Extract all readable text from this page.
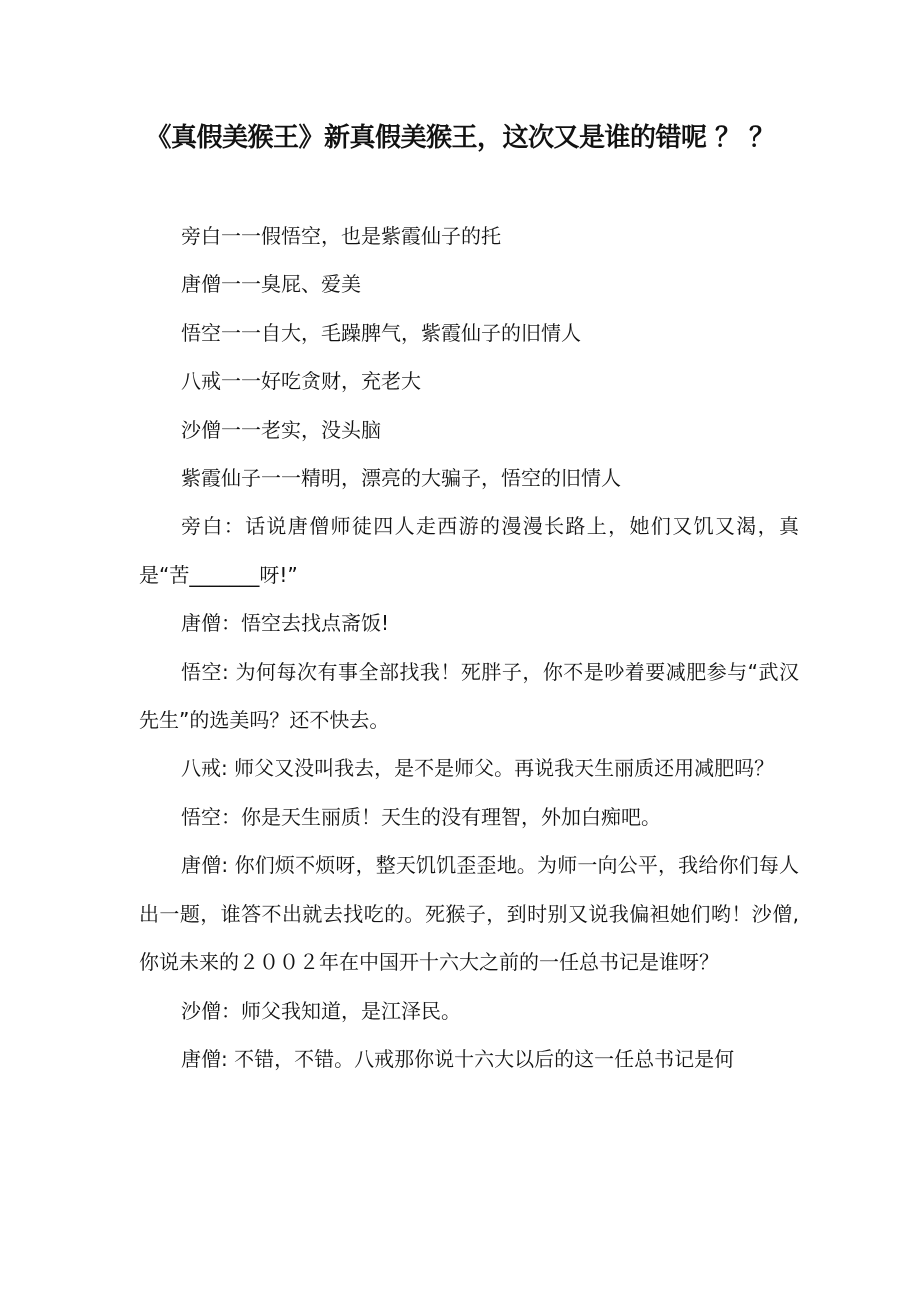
《真假美猴王》新真假美猴王，这次又是谁的错呢 ？ ？

旁白一一假悟空，也是紫霞仙子的托

唐僧一一臭屁、爱美

悟空一一自大，毛躁脾气，紫霞仙子的旧情人

八戒一一好吃贪财，充老大

沙僧一一老实，没头脑

紫霞仙子一一精明，漂亮的大骗子，悟空的旧情人

旁白：话说唐僧师徒四人走西游的漫漫长路上，她们又饥又渴，真是“苦_______呀!”

唐僧：悟空去找点斋饭!

悟空: 为何每次有事全部找我！死胖子，你不是吵着要减肥参与“武汉先生”的选美吗？还不快去。

八戒: 师父又没叫我去，是不是师父。再说我天生丽质还用减肥吗？

悟空：你是天生丽质！天生的没有理智，外加白痴吧。

唐僧: 你们烦不烦呀，整天饥饥歪歪地。为师一向公平，我给你们每人出一题，谁答不出就去找吃的。死猴子，到时别又说我偏袒她们哟！沙僧, 你说未来的２００２年在中国开十六大之前的一任总书记是谁呀？

沙僧：师父我知道，是江泽民。

唐僧: 不错，不错。八戒那你说十六大以后的这一任总书记是何
